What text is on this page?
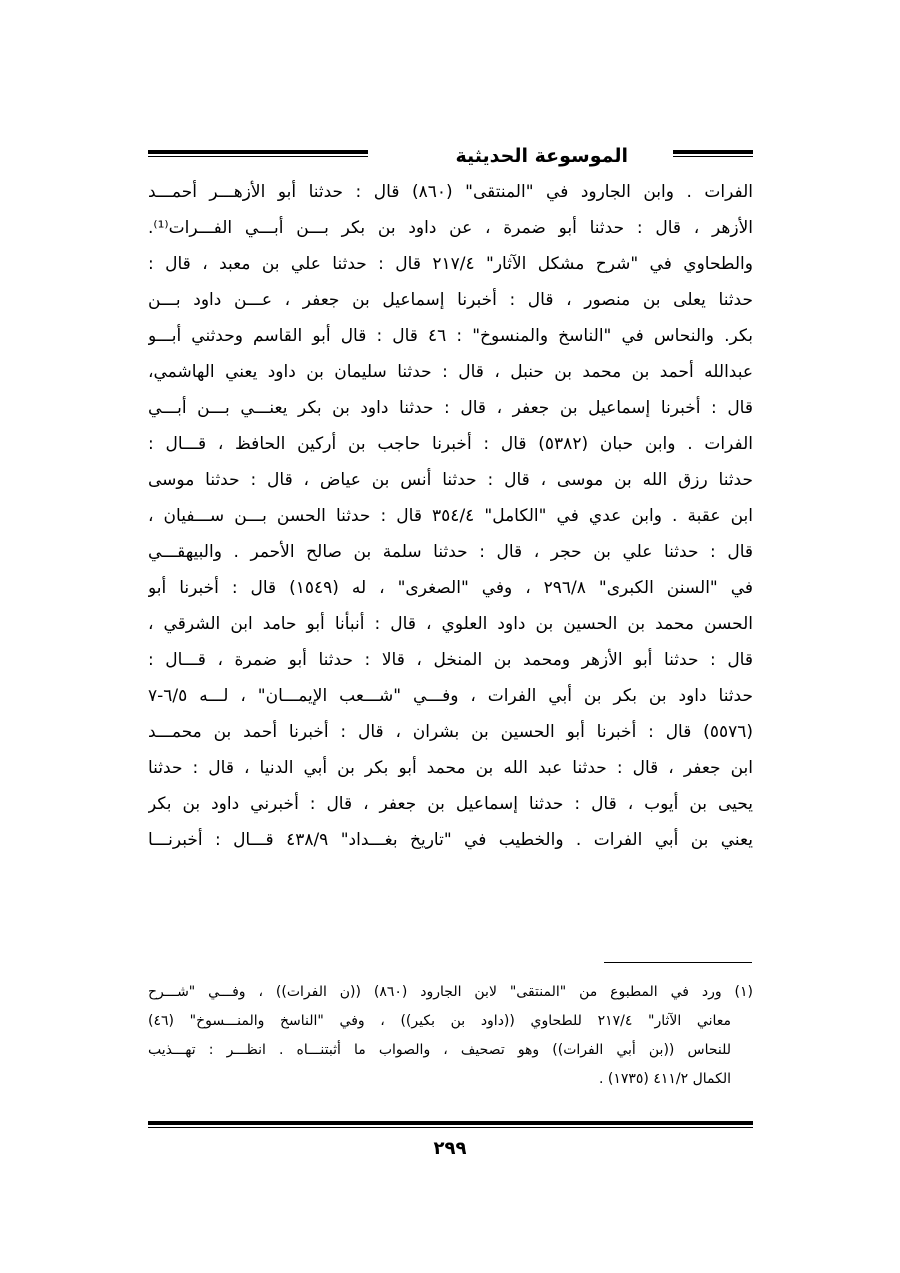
الموسوعة الحديثية
الفرات . وابن الجارود في "المنتقى" (٨٦٠) قال : حدثنا أبو الأزهـــر أحمـــد
الأزهر ، قال : حدثنا أبو ضمرة ، عن داود بن بكر بـــن أبـــي الفـــرات⁽¹⁾.
والطحاوي في "شرح مشكل الآثار" ٢١٧/٤ قال : حدثنا علي بن معبد ، قال :
حدثنا يعلى بن منصور ، قال : أخبرنا إسماعيل بن جعفر ، عـــن داود بـــن
بكر. والنحاس في "الناسخ والمنسوخ" : ٤٦ قال : قال أبو القاسم وحدثني أبـــو
عبدالله أحمد بن محمد بن حنبل ، قال : حدثنا سليمان بن داود يعني الهاشمي،
قال : أخبرنا إسماعيل بن جعفر ، قال : حدثنا داود بن بكر يعنـــي بـــن أبـــي
الفرات . وابن حبان (٥٣٨٢) قال : أخبرنا حاجب بن أركين الحافظ ، قـــال :
حدثنا رزق الله بن موسى ، قال : حدثنا أنس بن عياض ، قال : حدثنا موسى
ابن عقبة . وابن عدي في "الكامل" ٣٥٤/٤ قال : حدثنا الحسن بـــن ســـفيان ،
قال : حدثنا علي بن حجر ، قال : حدثنا سلمة بن صالح الأحمر . والبيهقـــي
في "السنن الكبرى" ٢٩٦/٨ ، وفي "الصغرى" ، له (١٥٤٩) قال : أخبرنا أبو
الحسن محمد بن الحسين بن داود العلوي ، قال : أنبأنا أبو حامد ابن الشرقي ،
قال : حدثنا أبو الأزهر ومحمد بن المنخل ، قالا : حدثنا أبو ضمرة ، قـــال :
حدثنا داود بن بكر بن أبي الفرات ، وفـــي "شـــعب الإيمـــان" ، لـــه ٦/٥-٧
(٥٥٧٦) قال : أخبرنا أبو الحسين بن بشران ، قال : أخبرنا أحمد بن محمـــد
ابن جعفر ، قال : حدثنا عبد الله بن محمد أبو بكر بن أبي الدنيا ، قال : حدثنا
يحيى بن أيوب ، قال : حدثنا إسماعيل بن جعفر ، قال : أخبرني داود بن بكر
يعني بن أبي الفرات . والخطيب في "تاريخ بغـــداد" ٤٣٨/٩ قـــال : أخبرنـــا
(١) ورد في المطبوع من "المنتقى" لابن الجارود (٨٦٠) ((ن الفرات)) ، وفـــي "شـــرح
معاني الآثار" ٢١٧/٤ للطحاوي ((داود بن بكير)) ، وفي "الناسخ والمنـــسوخ" (٤٦)
للنحاس ((بن أبي الفرات)) وهو تصحيف ، والصواب ما أثبتنـــاه . انظـــر : تهـــذيب
الكمال ٤١١/٢ (١٧٣٥) .
٢٩٩
